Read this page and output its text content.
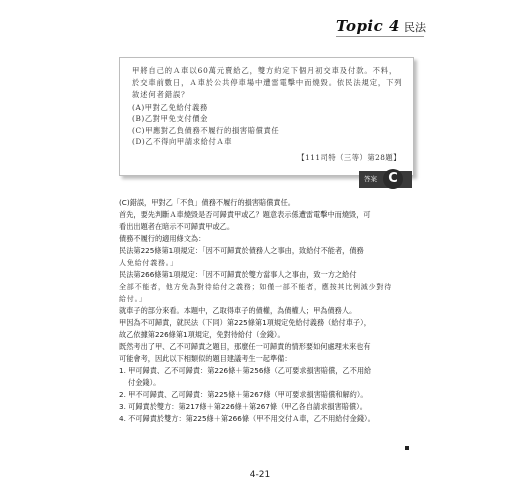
Topic 4 民法
甲將自己的Ａ車以60萬元賣給乙，雙方約定下個月初交車及付款。不料，於交車前數日，Ａ車於公共停車場中遭雷電擊中而燒毀。依民法規定，下列敘述何者錯誤？
(A)甲對乙免給付義務
(B)乙對甲免支付價金
(C)甲應對乙負債務不履行的損害賠償責任
(D)乙不得向甲請求給付Ａ車
【111司特（三等）第28題】
答案 C

(C)錯誤，甲對乙「不負」債務不履行的損害賠償責任。

首先，要先判斷Ａ車燒毀是否可歸責甲或乙？題意表示係遭雷電擊中而燒毀，可

看出出題者在暗示不可歸責甲或乙。

債務不履行的適用條文為：

民法第225條第1項規定：「因不可歸責於債務人之事由，致給付不能者，債務

人免給付義務。」

民法第266條第1項規定：「因不可歸責於雙方當事人之事由，致一方之給付

全部不能者，他方免為對待給付之義務；如僅一部不能者，應按其比例減少對待

給付。」

就車子的部分來看。本題中，乙取得車子的債權，為債權人；甲為債務人。

甲因為不可歸責，就民法（下同）第225條第1項規定免給付義務（給付車子），

故乙依據第226條第1項規定，免對待給付（金錢）。

既然考出了甲、乙不可歸責之題目，那麼任一可歸責的情形要如何處理未來也有

可能會考，因此以下相類似的題目建議考生一起準備：

1. 甲可歸責、乙不可歸責：第226條＋第256條（乙可要求損害賠償，乙不用給

付金錢）。

2. 甲不可歸責、乙可歸責：第225條＋第267條（甲可要求損害賠償和解約）。

3. 可歸責於雙方：第217條＋第226條＋第267條（甲乙各自請求損害賠償）。

4. 不可歸責於雙方：第225條＋第266條（甲不用交付Ａ車，乙不用給付金錢）。

4-21
